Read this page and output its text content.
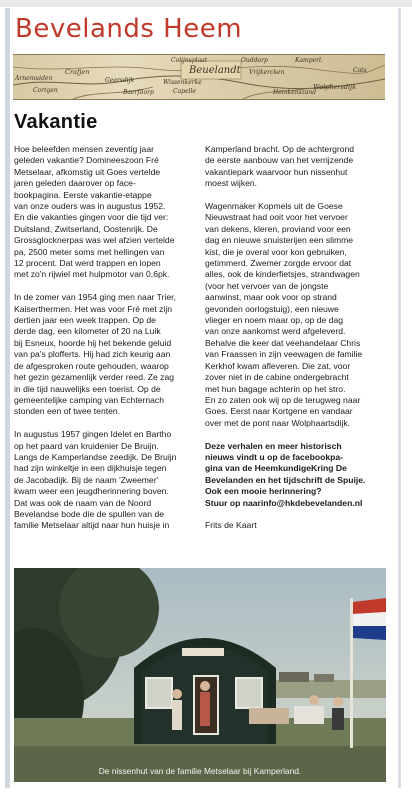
Bevelands Heem
Arnemuiden
Crafjen
Colijnsplaat
Geersdijk	Wissenkerke
Beuelandt
Cortgen	Capelle
Vrijkercken
Kamperl.
Wolphersdijk
Baerfdorp	Heinkenszand
Ouddorp
Cats
Vakantie

Hoe beleefden mensen zeventig jaar
geleden vakantie? Domineeszoon Fré
Metselaar, afkomstig uit Goes vertelde
jaren geleden daarover op face-
bookpagina. Eerste vakantie-etappe
van onze ouders was in augustus 1952.
En die vakanties gingen voor die tijd ver:
Duitsland, Zwitserland, Oostenrijk. De
Grossglocknerpas was wel afzien vertelde
pa, 2500 meter soms met hellingen van
12 procent. Dat werd trappen en lopen
met zo'n rijwiel met hulpmotor van 0,6pk.

In de zomer van 1954 ging men naar Trier,
Kaiserthermen. Het was voor Fré met zijn
dertien jaar een week trappen. Op de
derde dag, een kilometer of 20 na Luik
bij Esneux, hoorde hij het bekende geluid
van pa's plofferts. Hij had zich keurig aan
de afgesproken route gehouden, waarop
het gezin gezamenlijk verder reed. Ze zag
in die tijd nauwelijks een toerist. Op de
gemeentelijke camping van Echternach
stonden een of twee tenten.

In augustus 1957 gingen Idelet en Bartho
op het paard van kruidenier De Bruijn.
Langs de Kamperlandse zeedijk. De Bruijn
had zijn winkeltje in een dijkhuisje tegen
de Jacobadijk. Bij de naam 'Zweemer'
kwam weer een jeugdherinnering boven.
Dat was ook de naam van de Noord
Bevelandse bode die de spullen van de
familie Metselaar altijd naar hun huisje in

Kamperland bracht. Op de achtergrond
de eerste aanbouw van het verrijzende
vakantiepark waarvoor hun nissenhut
moest wijken.

Wagenmaker Kopmels uit de Goese
Nieuwstraat had ooit voor het vervoer
van dekens, kleren, proviand voor een
dag en nieuwe snuisterijen een slimme
kist, die je overal voor kon gebruiken,
getimmerd. Zwemer zorgde ervoor dat
alles, ook de kinderfietsjes, strandwagen
(voor het vervoer van de jongste
aanwinst, maar ook voor op strand
gevonden oorlogstuig), een nieuwe
vlieger en noem maar op, op de dag
van onze aankomst werd afgeleverd.
Behalve die keer dat veehandelaar Chris
van Fraassen in zijn veewagen de familie
Kerkhof kwam afleveren. Die zat, voor
zover niet in de cabine ondergebracht
met hun bagage achterin op het stro.
En zo zaten ook wij op de terugweg naar
Goes. Eerst naar Kortgene en vandaar
over met de pont naar Wolphaartsdijk.

Deze verhalen en meer historisch
nieuws vindt u op de facebookpa-
gina van de HeemkundigeKring De
Bevelanden en het tijdschrift de Spuije.
Ook een mooie herinnering?
Stuur op naarinfo@hkdebevelanden.nl

Frits de Kaart

De nissenhut van de familie Metselaar bij Kamperland.
